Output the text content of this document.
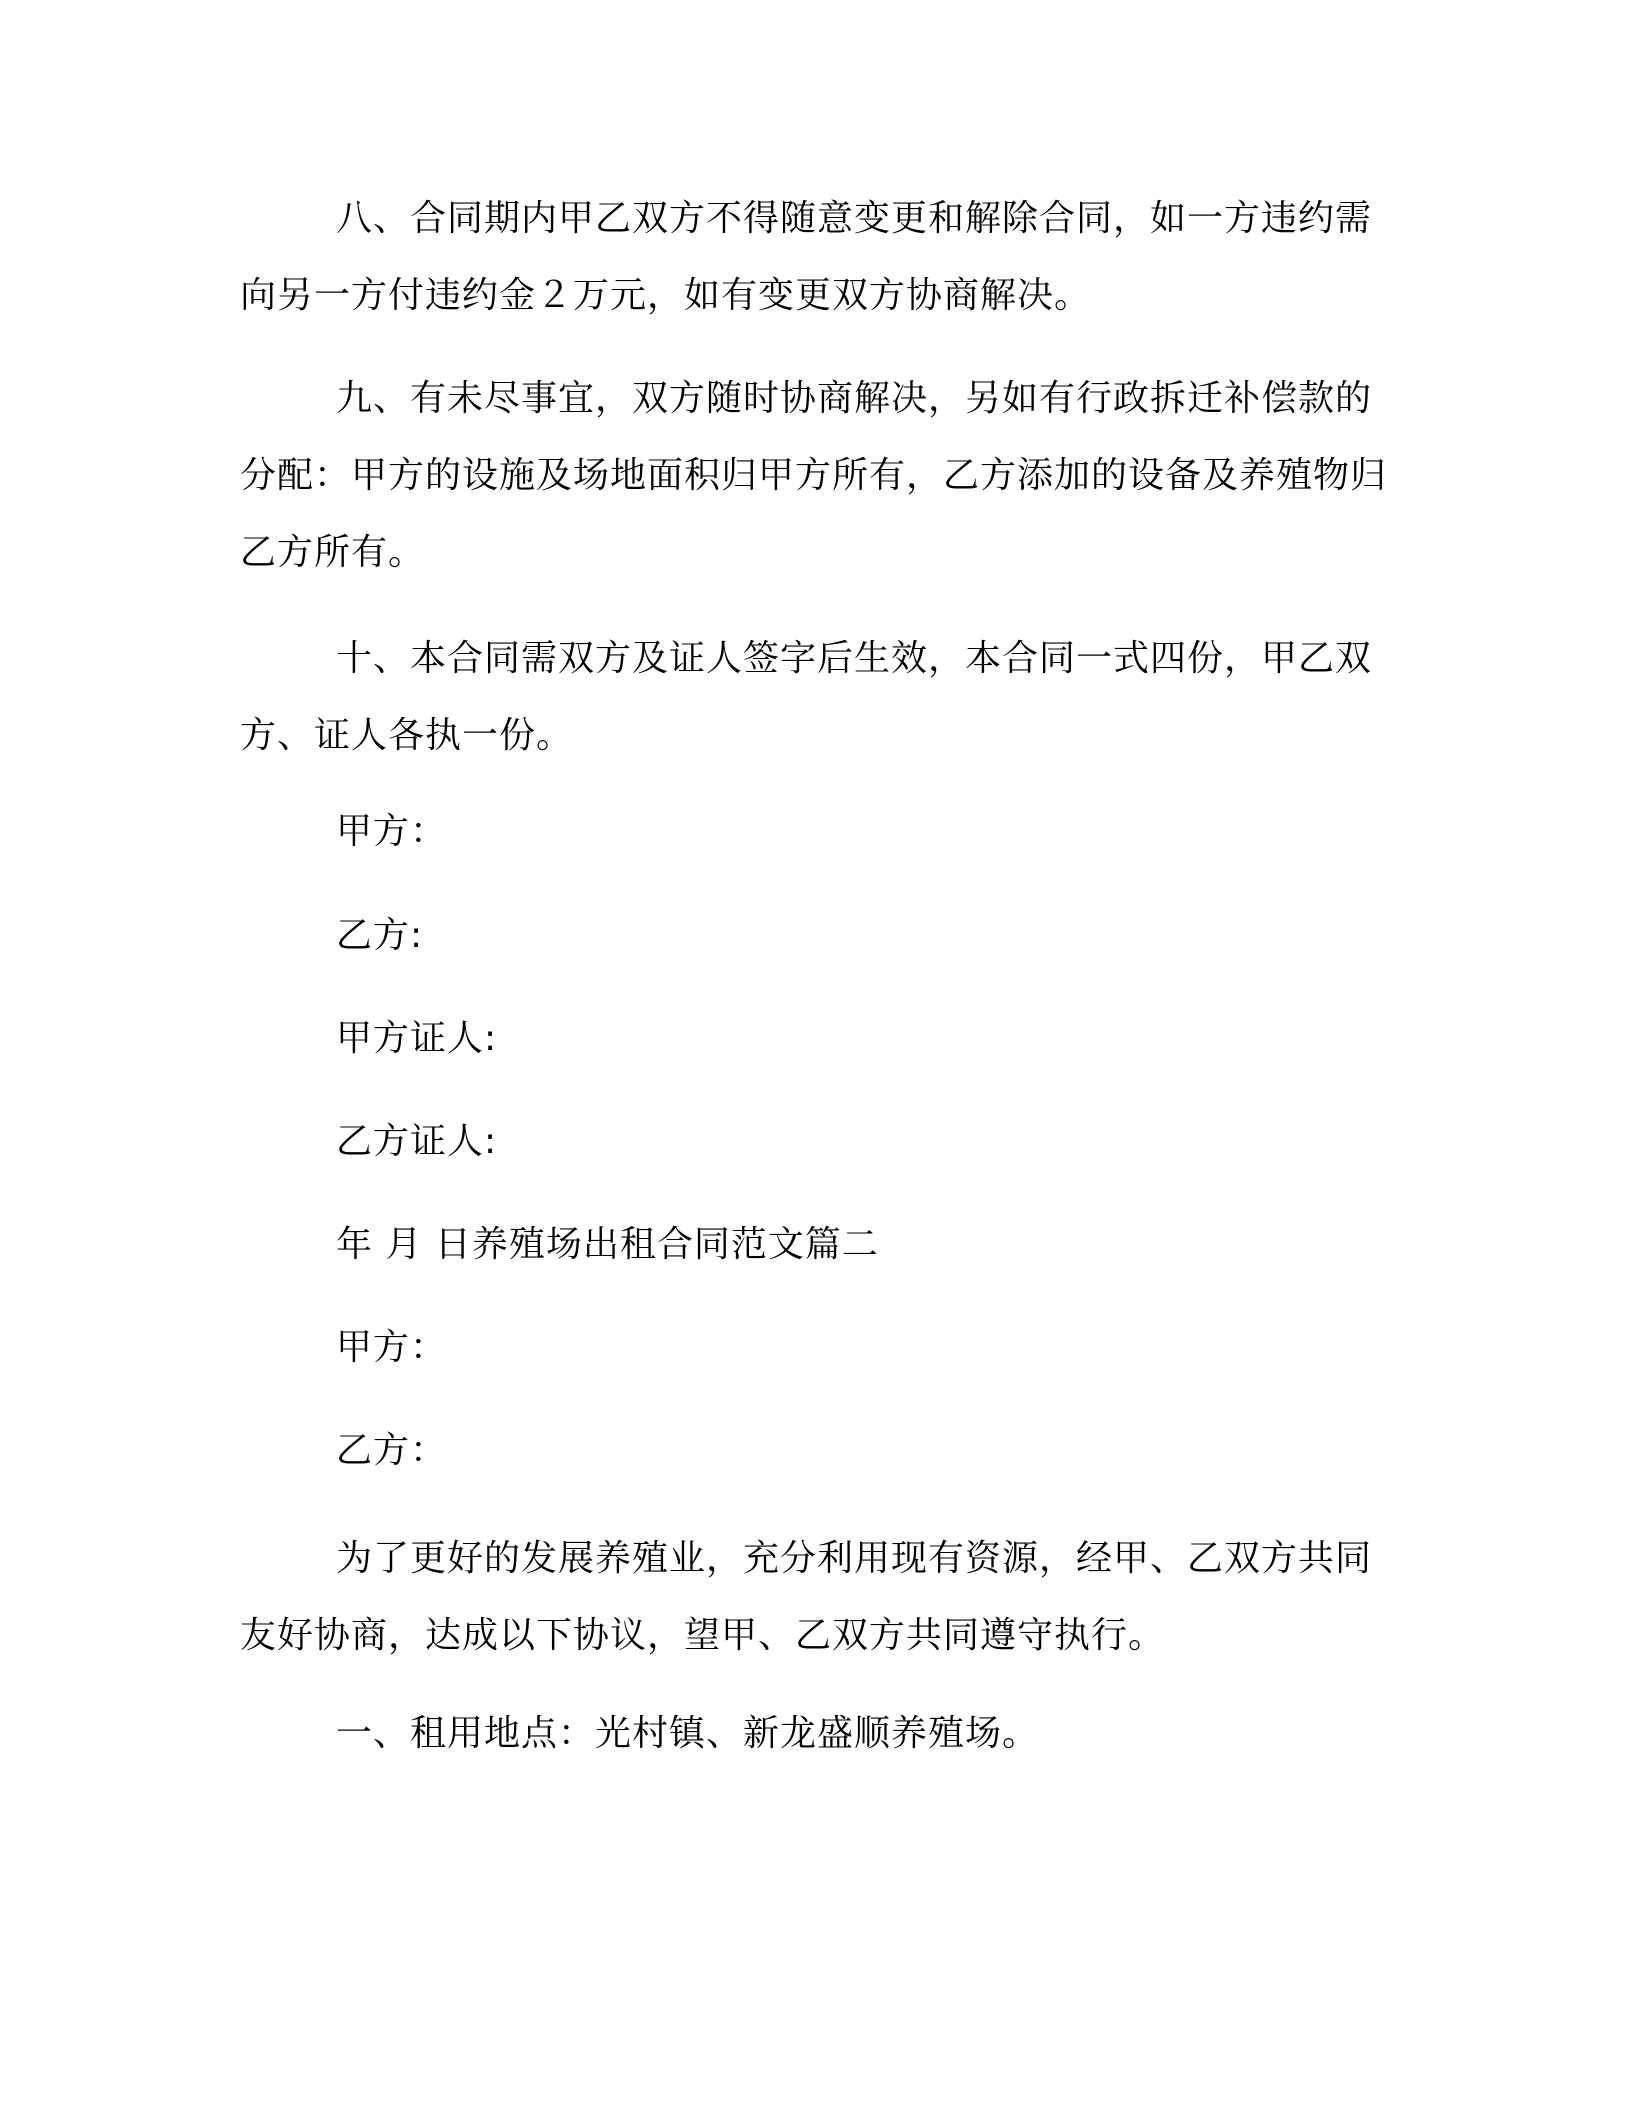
八、合同期内甲乙双方不得随意变更和解除合同，如一方违约需向另一方付违约金２万元，如有变更双方协商解决。

九、有未尽事宜，双方随时协商解决，另如有行政拆迁补偿款的分配：甲方的设施及场地面积归甲方所有，乙方添加的设备及养殖物归乙方所有。

十、本合同需双方及证人签字后生效，本合同一式四份，甲乙双方、证人各执一份。

甲方：

乙方:

甲方证人:

乙方证人:

年 月 日养殖场出租合同范文篇二

甲方：

乙方：

为了更好的发展养殖业，充分利用现有资源，经甲、乙双方共同友好协商，达成以下协议，望甲、乙双方共同遵守执行。

一、租用地点：光村镇、新龙盛顺养殖场。
